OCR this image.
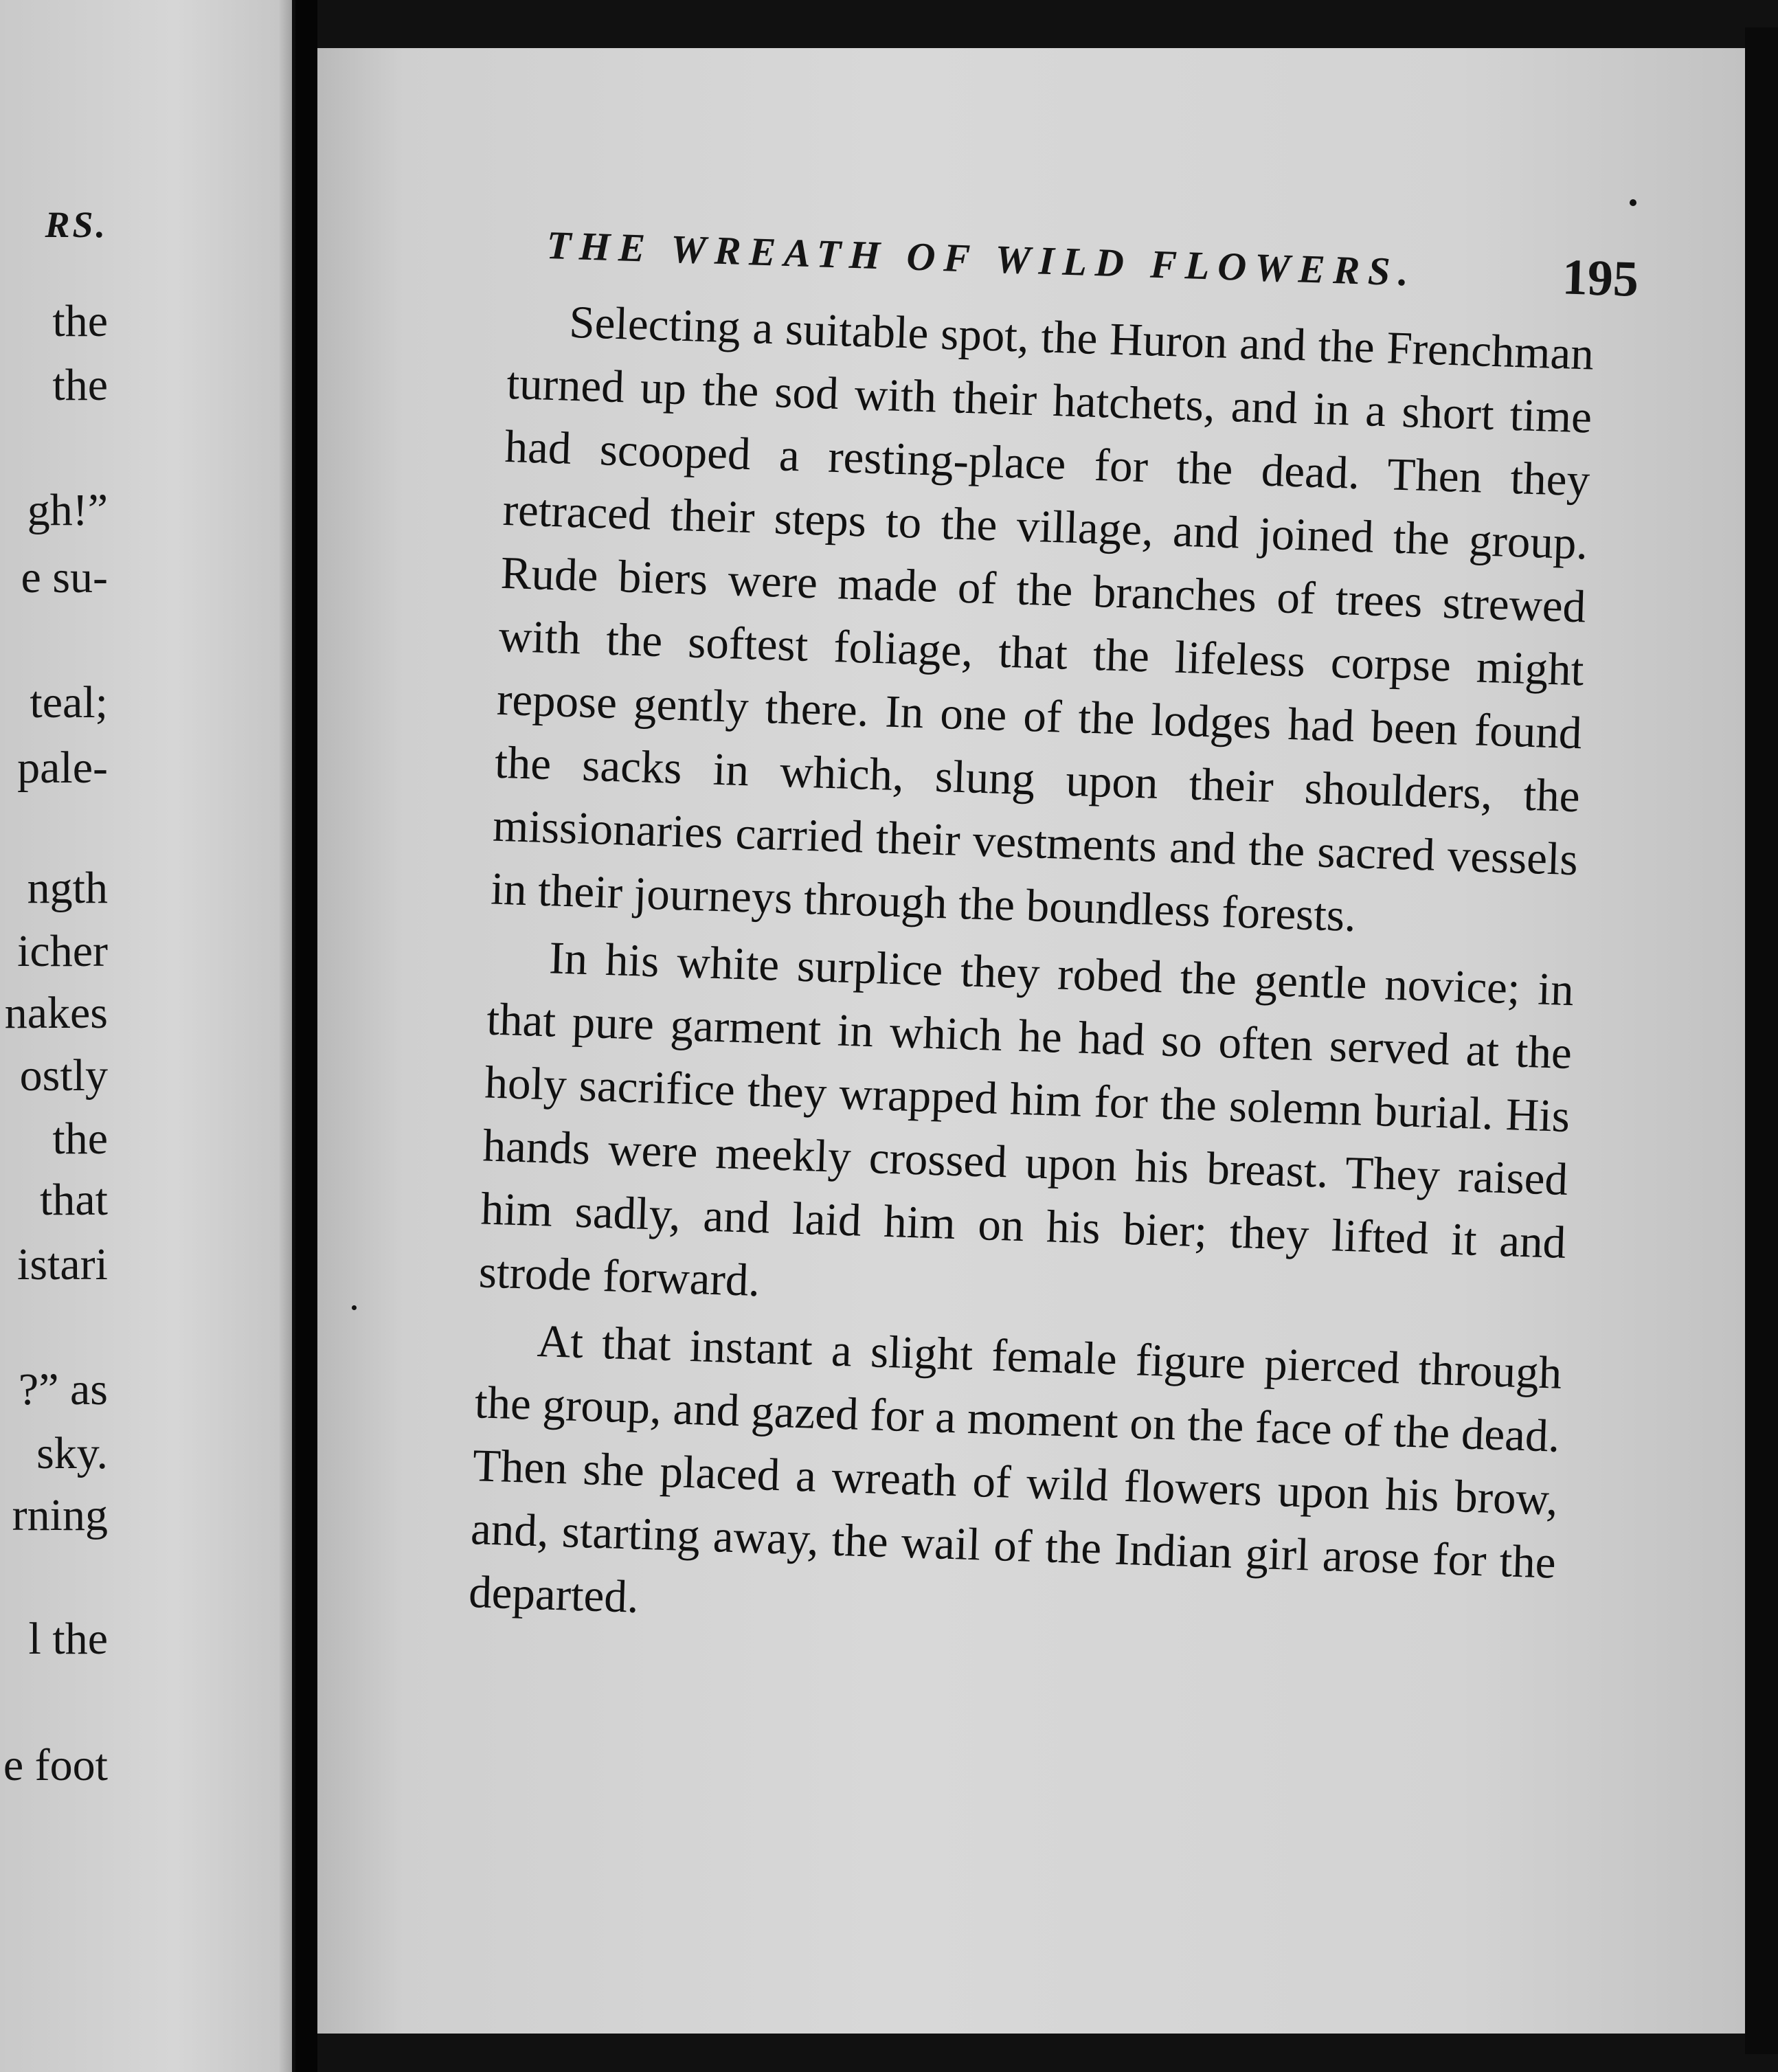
RS.
the
the
gh!”
e su-
teal;
pale-
ngth
icher
nakes
ostly
the
that
istari
?” as
sky.
rning
l the
e foot
THE WREATH OF WILD FLOWERS.	195

Selecting a suitable spot, the Huron and the Frenchman turned up the sod with their hatchets, and in a short time had scooped a resting-place for the dead. Then they retraced their steps to the village, and joined the group. Rude biers were made of the branches of trees strewed with the softest foliage, that the lifeless corpse might repose gently there. In one of the lodges had been found the sacks in which, slung upon their shoulders, the missionaries carried their vestments and the sacred vessels in their journeys through the boundless forests.

In his white surplice they robed the gentle novice; in that pure garment in which he had so often served at the holy sacrifice they wrapped him for the solemn burial. His hands were meekly crossed upon his breast. They raised him sadly, and laid him on his bier; they lifted it and strode forward.

At that instant a slight female figure pierced through the group, and gazed for a moment on the face of the dead. Then she placed a wreath of wild flowers upon his brow, and, starting away, the wail of the Indian girl arose for the departed.
